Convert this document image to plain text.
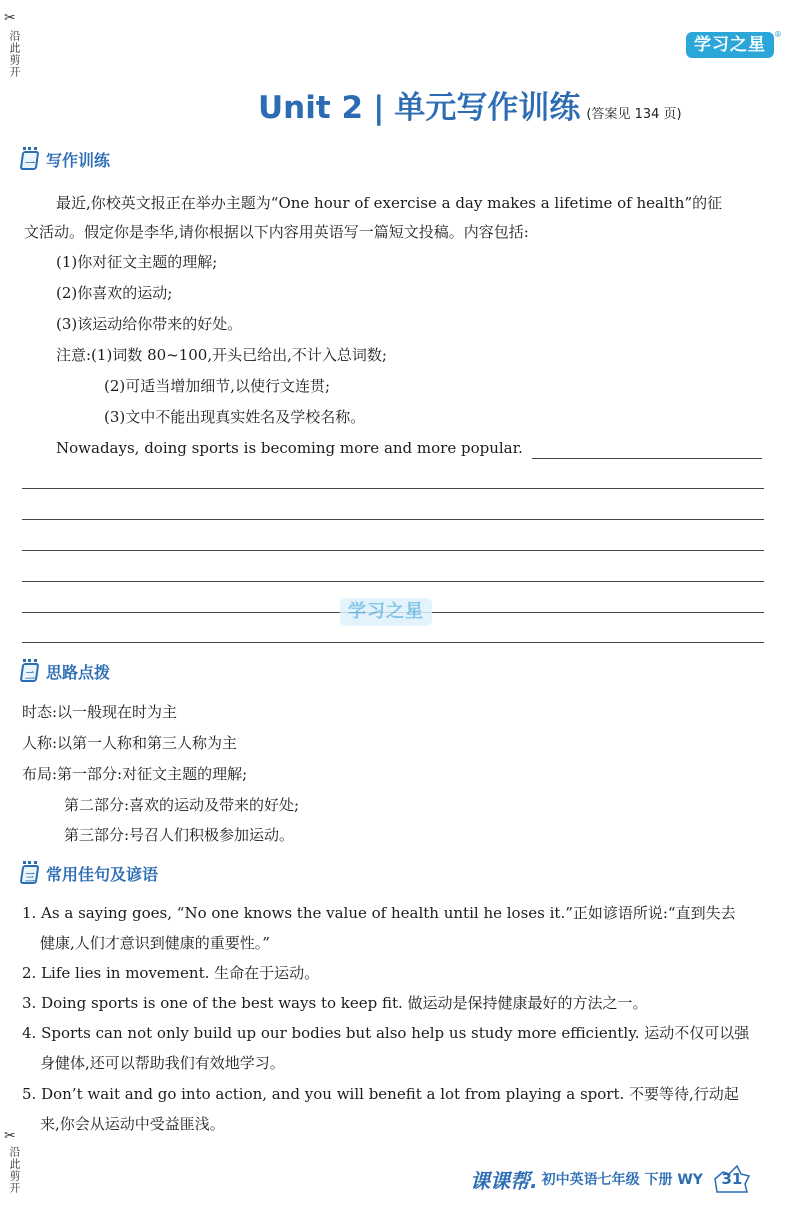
✂
沿此剪开
✂
沿此剪开
学习之星
®
Unit 2 | 单元写作训练 (答案见 134 页)
一 写作训练
最近,你校英文报正在举办主题为“One hour of exercise a day makes a lifetime of health”的征
文活动。假定你是李华,请你根据以下内容用英语写一篇短文投稿。内容包括:
(1)你对征文主题的理解;
(2)你喜欢的运动;
(3)该运动给你带来的好处。
注意:(1)词数 80~100,开头已给出,不计入总词数;
(2)可适当增加细节,以使行文连贯;
(3)文中不能出现真实姓名及学校名称。
Nowadays, doing sports is becoming more and more popular.
学习之星
二 思路点拨
时态:以一般现在时为主
人称:以第一人称和第三人称为主
布局:第一部分:对征文主题的理解;
第二部分:喜欢的运动及带来的好处;
第三部分:号召人们积极参加运动。
三 常用佳句及谚语
1. As a saying goes, “No one knows the value of health until he loses it.”正如谚语所说:“直到失去
健康,人们才意识到健康的重要性。”
2. Life lies in movement. 生命在于运动。
3. Doing sports is one of the best ways to keep fit. 做运动是保持健康最好的方法之一。
4. Sports can not only build up our bodies but also help us study more efficiently. 运动不仅可以强
身健体,还可以帮助我们有效地学习。
5. Don’t wait and go into action, and you will benefit a lot from playing a sport. 不要等待,行动起
来,你会从运动中受益匪浅。
课课帮. 初中英语七年级 下册 WY	31
